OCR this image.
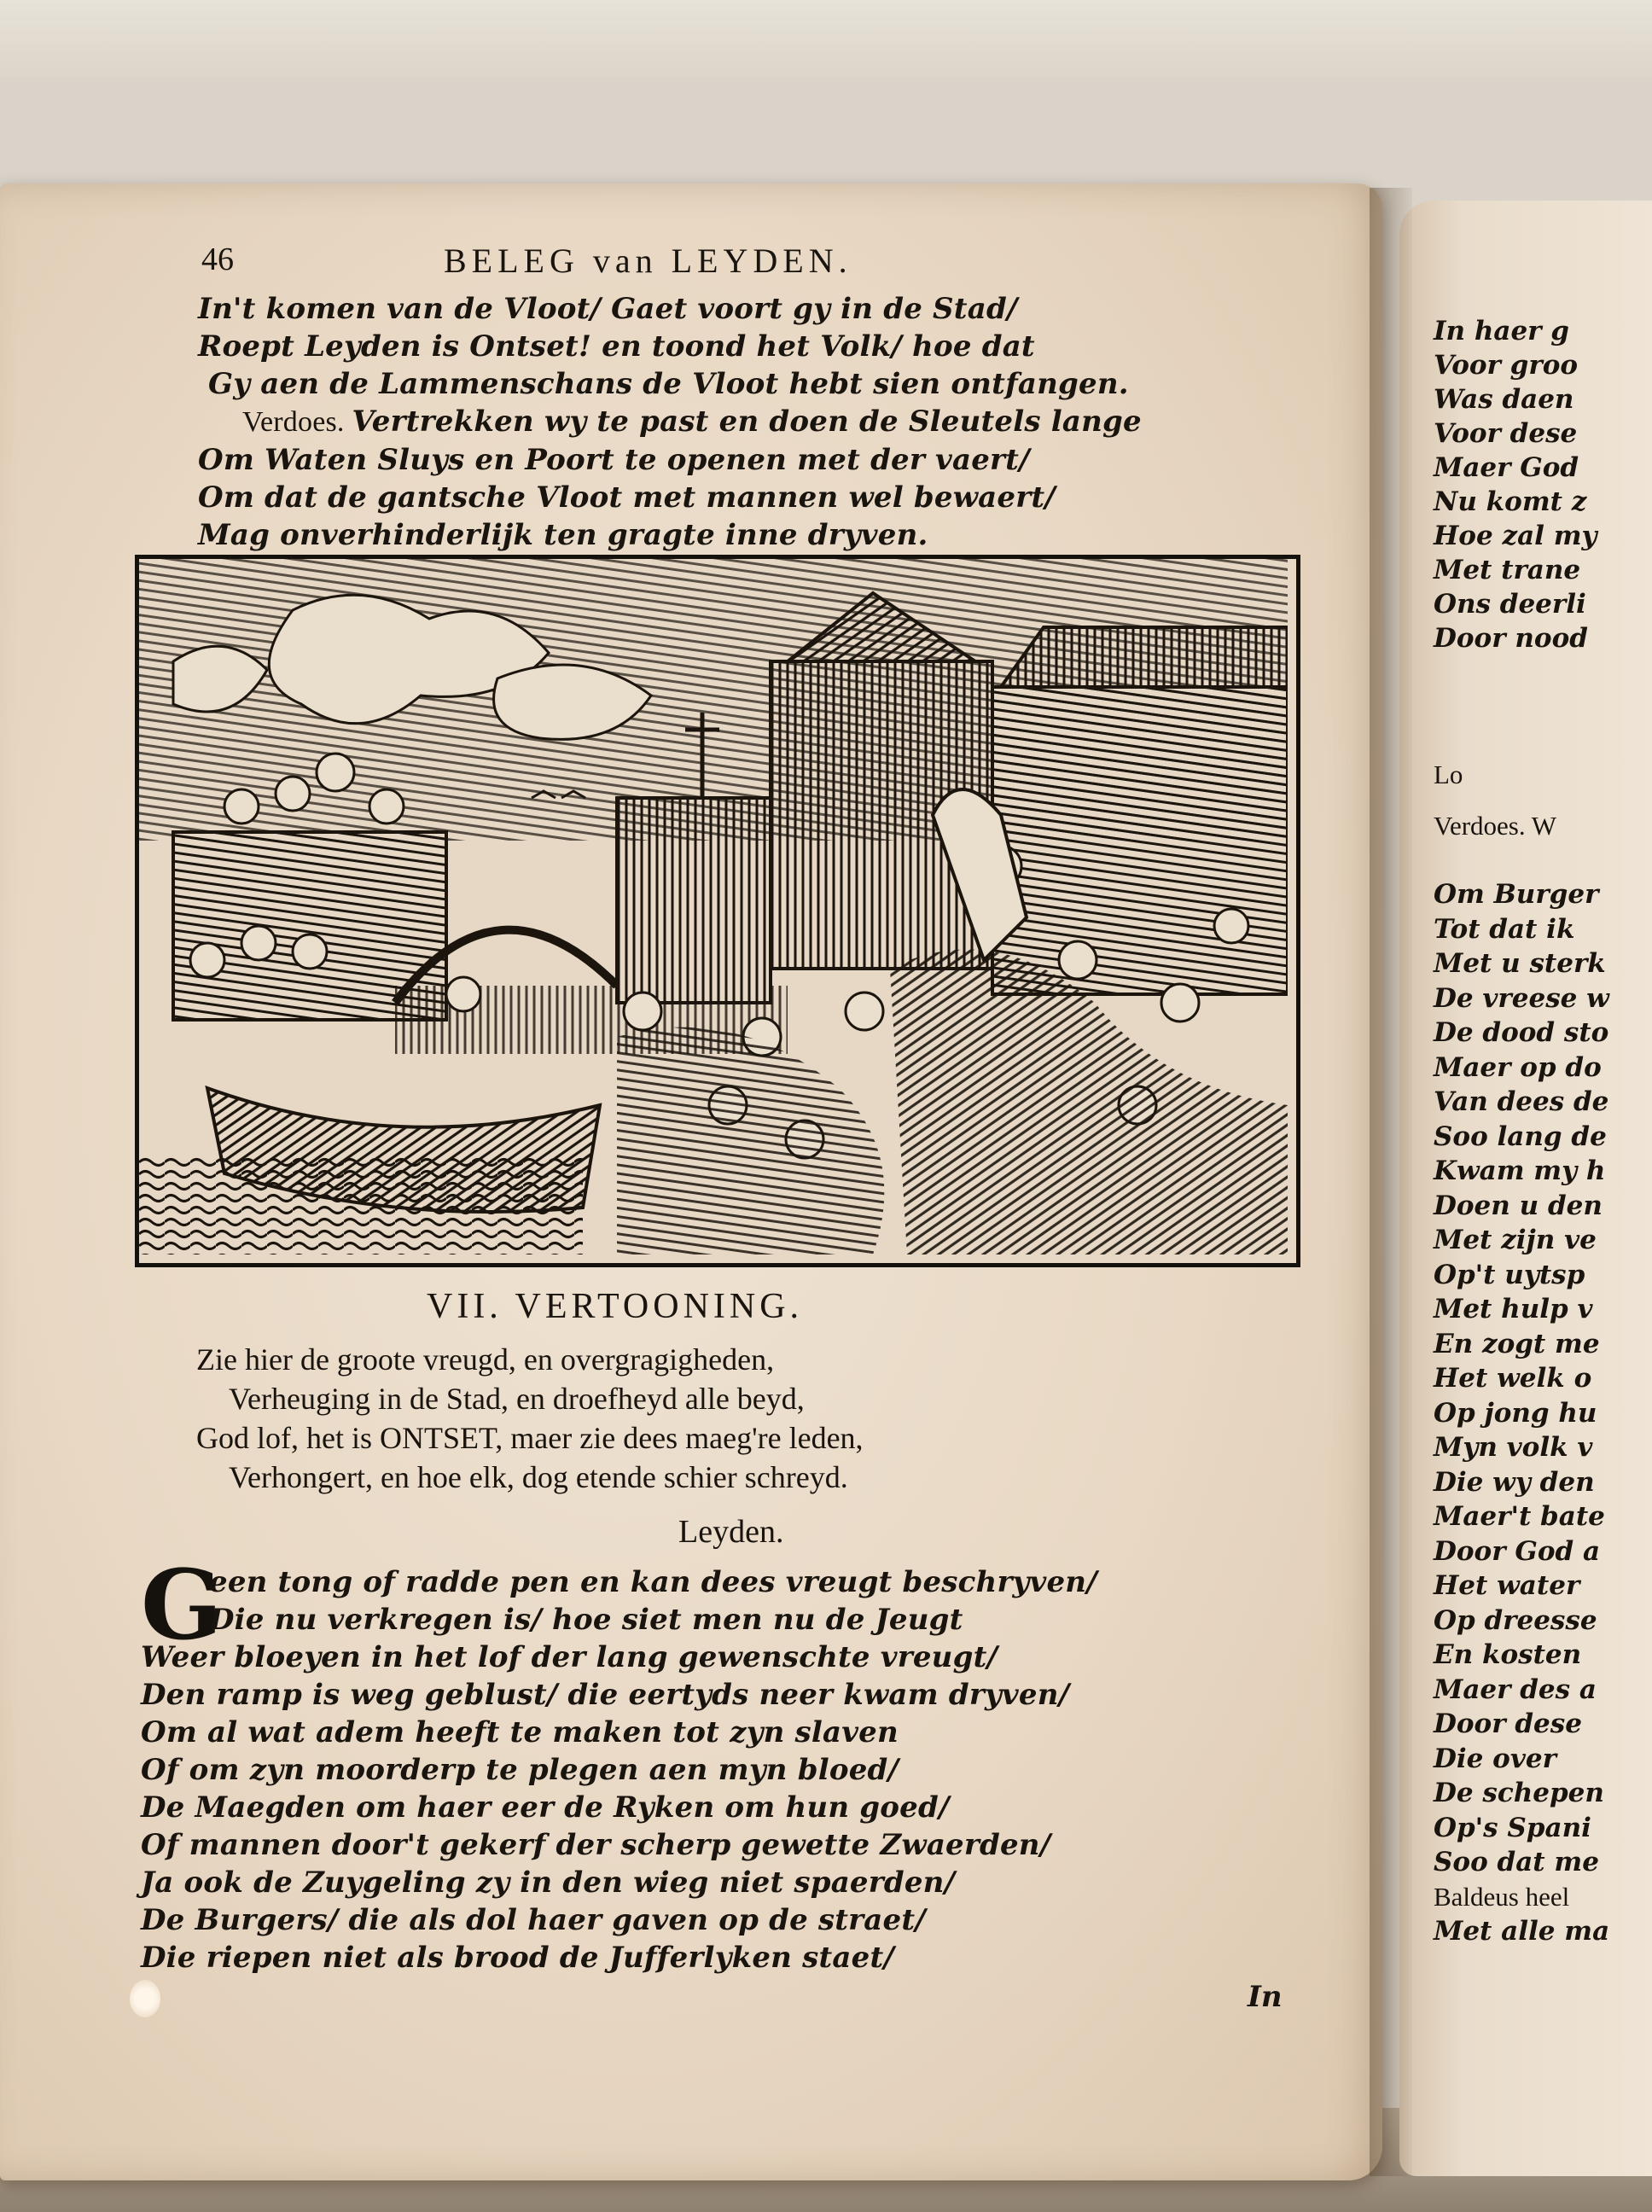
In haer g
Voor groo
Was daen
Voor dese
Maer God
Nu komt z
Hoe zal my
Met trane
Ons deerli
Door nood
Lo
Verdoes. W
Om Burger
Tot dat ik
Met u sterk
De vreese w
De dood sto
Maer op do
Van dees de
Soo lang de
Kwam my h
Doen u den
Met zijn ve
Op't uytsp
Met hulp v
En zogt me
Het welk o
Op jong hu
Myn volk v
Die wy den
Maer't bate
Door God a
Het water
Op dreesse
En kosten
Maer des a
Door dese
Die over
De schepen
Op's Spani
Soo dat me
Baldeus heel
Met alle ma
46	BELEG van LEYDEN.
In't komen van de Vloot/ Gaet voort gy in de Stad/
Roept Leyden is Ontset! en toond het Volk/ hoe dat
Gy aen de Lammenschans de Vloot hebt sien ontfangen.
Verdoes. Vertrekken wy te past en doen de Sleutels lange
Om Waten Sluys en Poort te openen met der vaert/
Om dat de gantsche Vloot met mannen wel bewaert/
Mag onverhinderlijk ten gragte inne dryven.
VII. VERTOONING.
Zie hier de groote vreugd, en overgragigheden,
Verheuging in de Stad, en droefheyd alle beyd,
God lof, het is ONTSET, maer zie dees maeg're leden,
Verhongert, en hoe elk, dog etende schier schreyd.
Leyden.
G
een tong of radde pen en kan dees vreugt beschryven/
Die nu verkregen is/ hoe siet men nu de Jeugt
Weer bloeyen in het lof der lang gewenschte vreugt/
Den ramp is weg geblust/ die eertyds neer kwam dryven/
Om al wat adem heeft te maken tot zyn slaven
Of om zyn moorderp te plegen aen myn bloed/
De Maegden om haer eer de Ryken om hun goed/
Of mannen door't gekerf der scherp gewette Zwaerden/
Ja ook de Zuygeling zy in den wieg niet spaerden/
De Burgers/ die als dol haer gaven op de straet/
Die riepen niet als brood de Jufferlyken staet/
In
